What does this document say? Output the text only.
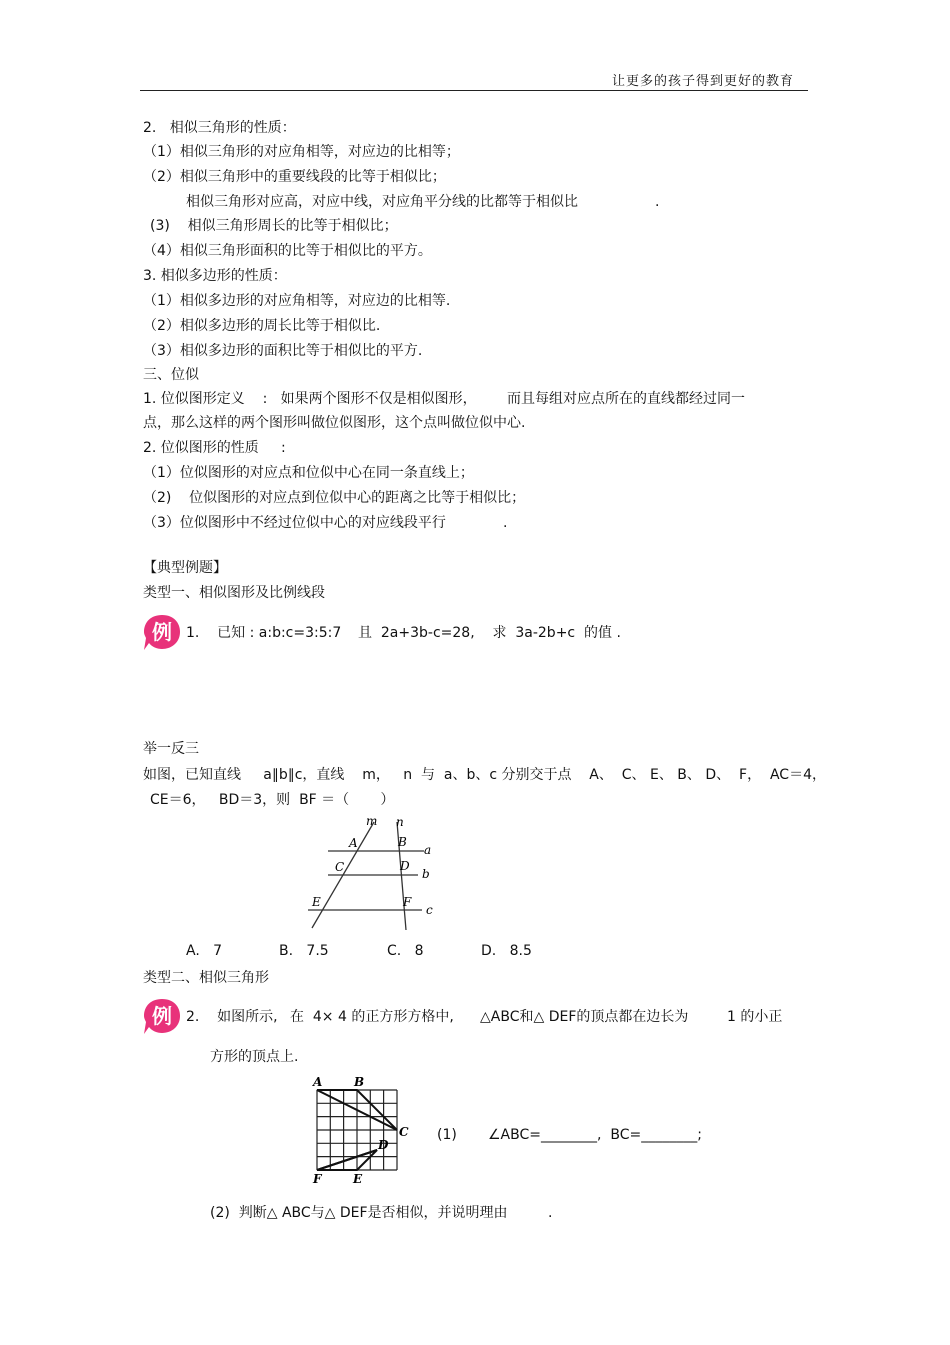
让更多的孩子得到更好的教育
2.   相似三角形的性质：
（1）相似三角形的对应角相等，对应边的比相等；
（2）相似三角形中的重要线段的比等于相似比；
相似三角形对应高，对应中线，对应角平分线的比都等于相似比	.
(3)    相似三角形周长的比等于相似比；
（4）相似三角形面积的比等于相似比的平方。
3. 相似多边形的性质：
（1）相似多边形的对应角相等，对应边的比相等.
（2）相似多边形的周长比等于相似比.
（3）相似多边形的面积比等于相似比的平方.
三、位似
1. 位似图形定义    :   如果两个图形不仅是相似图形， 而且每组对应点所在的直线都经过同一
点，那么这样的两个图形叫做位似图形，这个点叫做位似中心.
2. 位似图形的性质     :
（1）位似图形的对应点和位似中心在同一条直线上；
（2)    位似图形的对应点到位似中心的距离之比等于相似比；
（3）位似图形中不经过位似中心的对应线段平行	.
【典型例题】
类型一、相似图形及比例线段
例 1.    已知 : a:b:c=3:5:7 且  2a+3b-c=28,    求  3a-2b+c  的值 .
举一反三
如图，已知直线     a∥b∥c，直线    m，   n  与  a、b、c 分别交于点    A、  C、 E、 B、 D、  F，  AC＝4，
CE＝6，   BD＝3，则  BF ＝（       ）
m n
A	B
a
C	D
b
E	F
c
A.   7	B.   7.5	C.   8	D.   8.5
类型二、相似三角形
例 2.    如图所示, 在  4× 4 的正方形方格中, △ABC和△ DEF的顶点都在边长为	1 的小正
方形的顶点上.
A	B
C
D
F	E
(1) ∠ABC=________,  BC=________;
(2)  判断△ ABC与△ DEF是否相似，并说明理由	.
